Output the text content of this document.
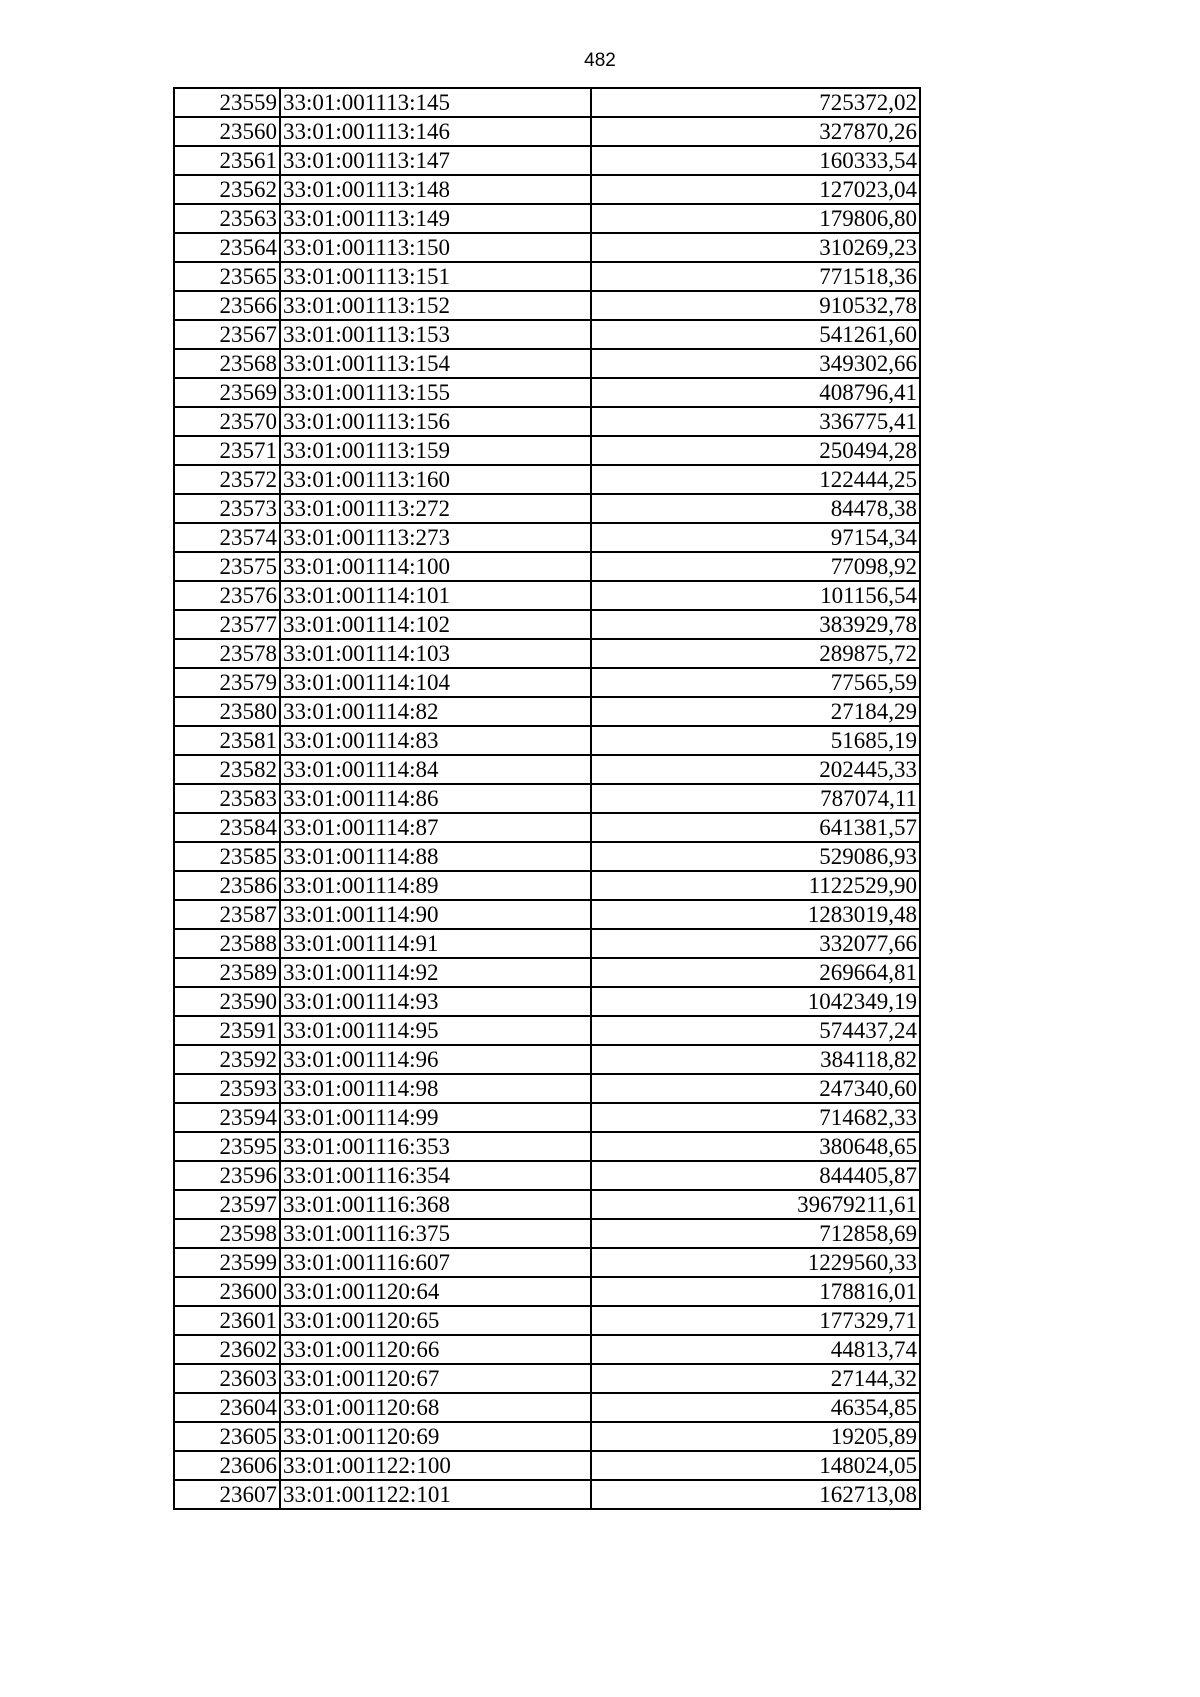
482
23559	33:01:001113:145	725372,02
23560	33:01:001113:146	327870,26
23561	33:01:001113:147	160333,54
23562	33:01:001113:148	127023,04
23563	33:01:001113:149	179806,80
23564	33:01:001113:150	310269,23
23565	33:01:001113:151	771518,36
23566	33:01:001113:152	910532,78
23567	33:01:001113:153	541261,60
23568	33:01:001113:154	349302,66
23569	33:01:001113:155	408796,41
23570	33:01:001113:156	336775,41
23571	33:01:001113:159	250494,28
23572	33:01:001113:160	122444,25
23573	33:01:001113:272	84478,38
23574	33:01:001113:273	97154,34
23575	33:01:001114:100	77098,92
23576	33:01:001114:101	101156,54
23577	33:01:001114:102	383929,78
23578	33:01:001114:103	289875,72
23579	33:01:001114:104	77565,59
23580	33:01:001114:82	27184,29
23581	33:01:001114:83	51685,19
23582	33:01:001114:84	202445,33
23583	33:01:001114:86	787074,11
23584	33:01:001114:87	641381,57
23585	33:01:001114:88	529086,93
23586	33:01:001114:89	1122529,90
23587	33:01:001114:90	1283019,48
23588	33:01:001114:91	332077,66
23589	33:01:001114:92	269664,81
23590	33:01:001114:93	1042349,19
23591	33:01:001114:95	574437,24
23592	33:01:001114:96	384118,82
23593	33:01:001114:98	247340,60
23594	33:01:001114:99	714682,33
23595	33:01:001116:353	380648,65
23596	33:01:001116:354	844405,87
23597	33:01:001116:368	39679211,61
23598	33:01:001116:375	712858,69
23599	33:01:001116:607	1229560,33
23600	33:01:001120:64	178816,01
23601	33:01:001120:65	177329,71
23602	33:01:001120:66	44813,74
23603	33:01:001120:67	27144,32
23604	33:01:001120:68	46354,85
23605	33:01:001120:69	19205,89
23606	33:01:001122:100	148024,05
23607	33:01:001122:101	162713,08
